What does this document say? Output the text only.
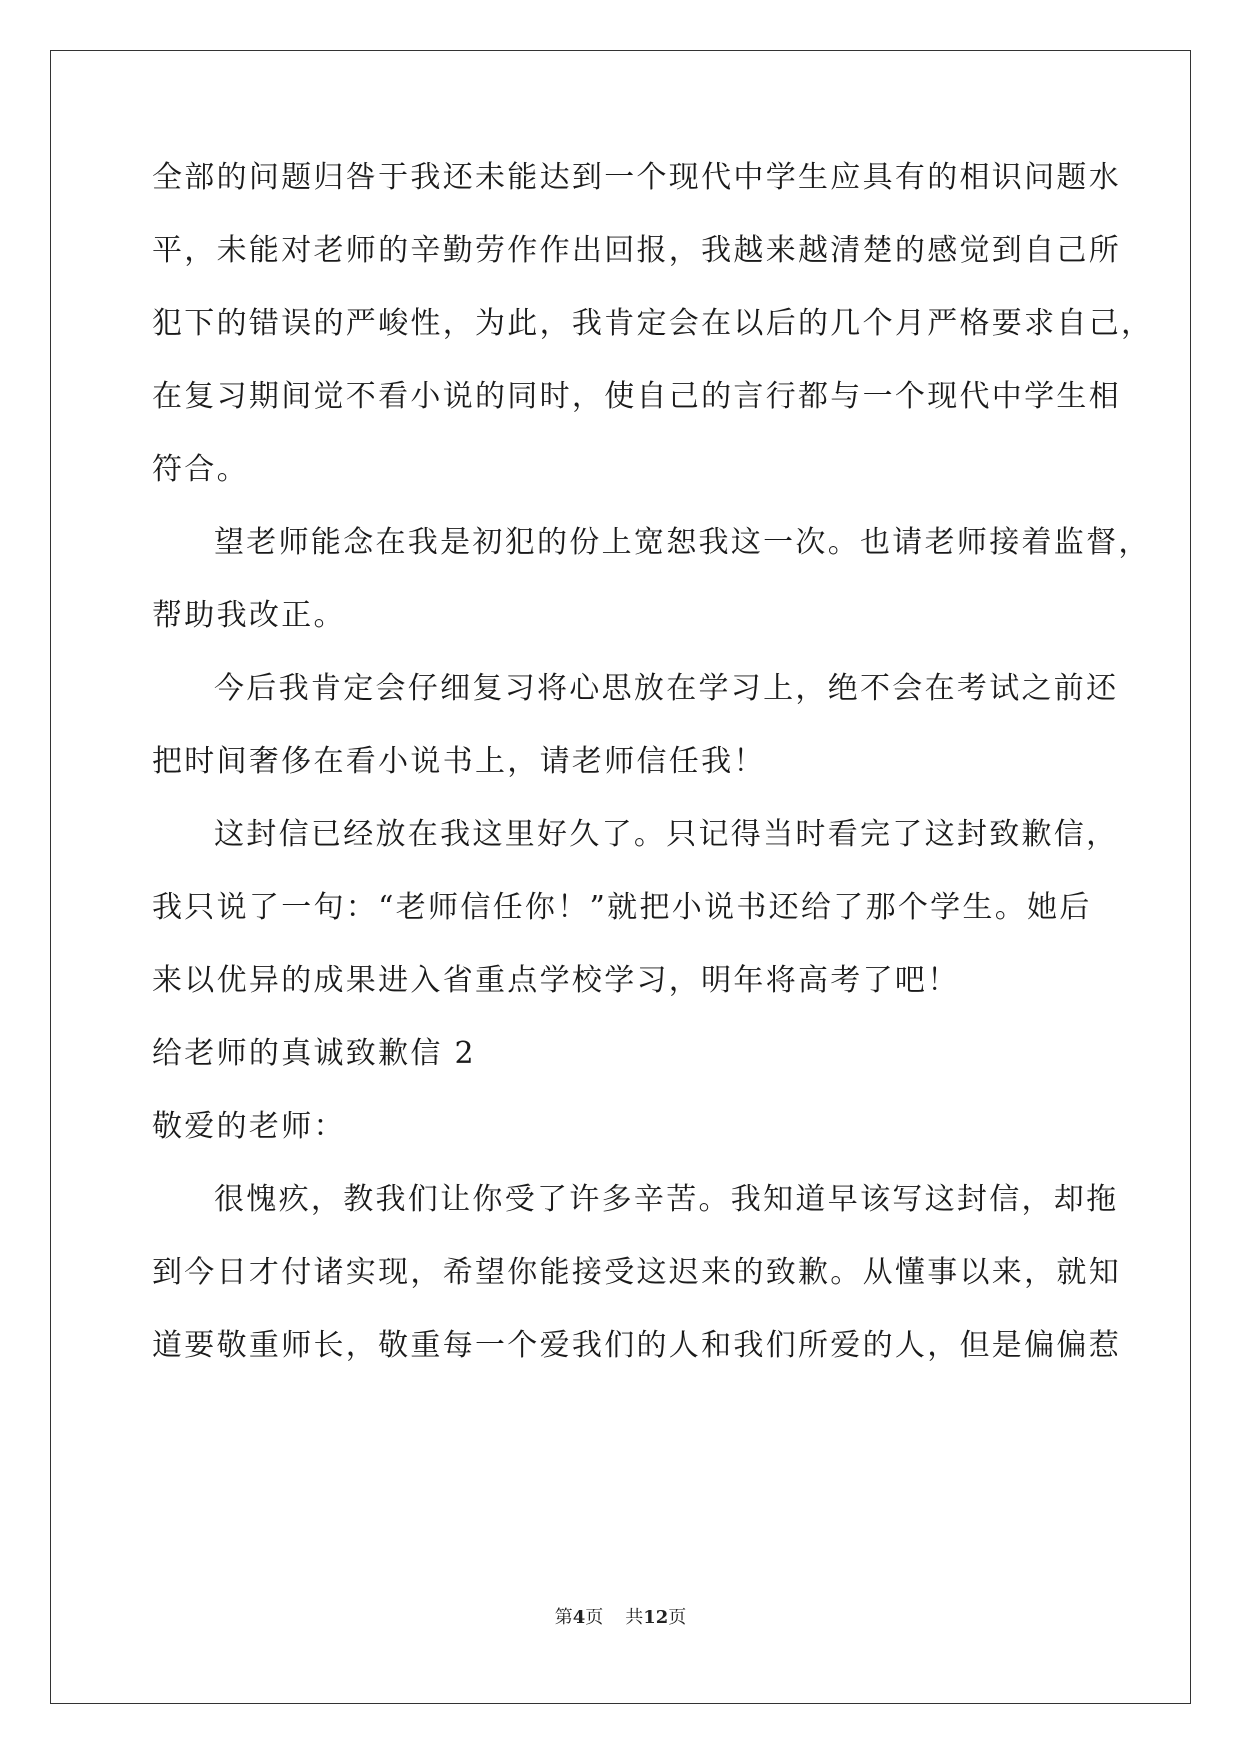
全部的问题归咎于我还未能达到一个现代中学生应具有的相识问题水
平，未能对老师的辛勤劳作作出回报，我越来越清楚的感觉到自己所
犯下的错误的严峻性，为此，我肯定会在以后的几个月严格要求自己，
在复习期间觉不看小说的同时，使自己的言行都与一个现代中学生相
符合。
望老师能念在我是初犯的份上宽恕我这一次。也请老师接着监督，
帮助我改正。
今后我肯定会仔细复习将心思放在学习上，绝不会在考试之前还
把时间奢侈在看小说书上，请老师信任我！
这封信已经放在我这里好久了。只记得当时看完了这封致歉信，
我只说了一句：“老师信任你！”就把小说书还给了那个学生。她后
来以优异的成果进入省重点学校学习，明年将高考了吧！
给老师的真诚致歉信 2
敬爱的老师：
很愧疚，教我们让你受了许多辛苦。我知道早该写这封信，却拖
到今日才付诸实现，希望你能接受这迟来的致歉。从懂事以来，就知
道要敬重师长，敬重每一个爱我们的人和我们所爱的人，但是偏偏惹
第4页 共12页
